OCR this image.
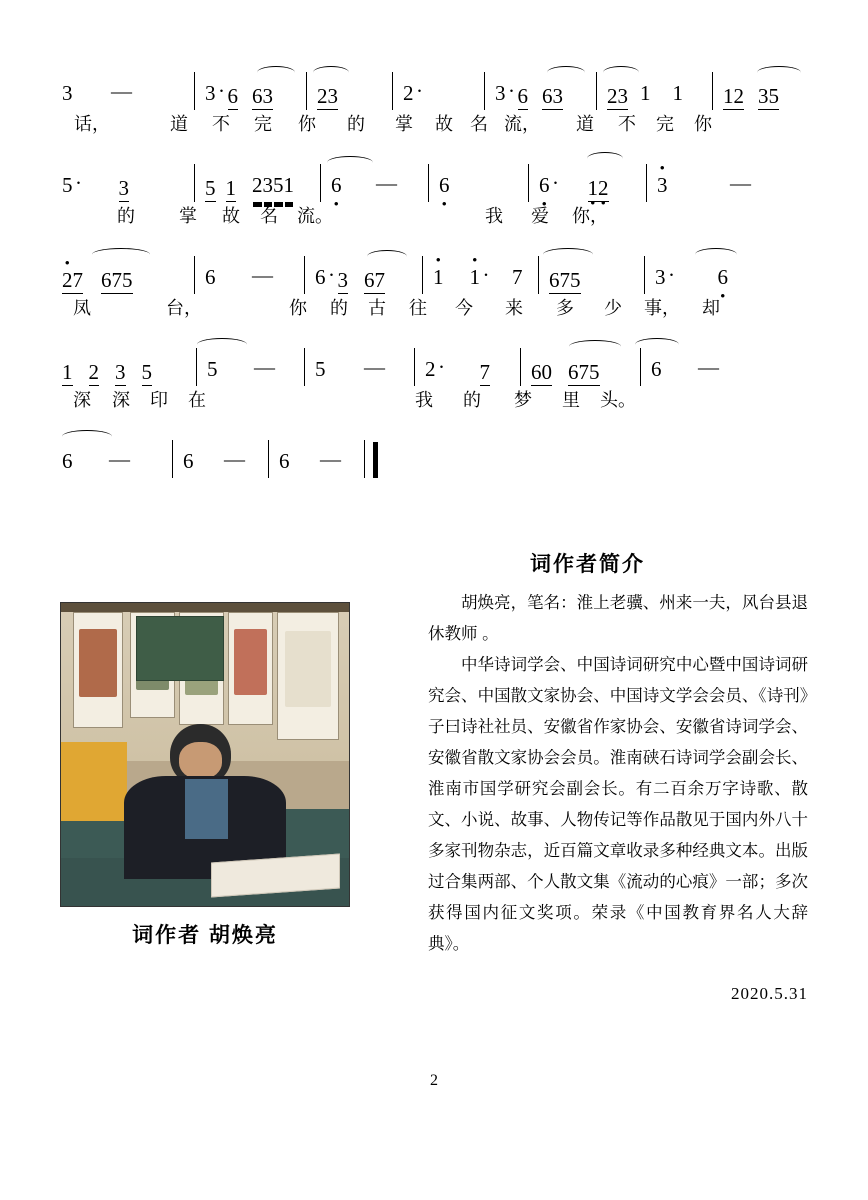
3 —	3 · 6 6 3 2 3	2 ·	3 · 6 6 3 2 3 1 1 1 2 3 5
话，	道	不	完	你	的	掌	故 名 流，	道	不	完	你
5 · 3	5 1 2 3 5 1 6 • — 6 •	6 • · 1 • 2 • • 3	—
的	掌	故	名	流。	我	爱	你，
• 2 7 6 7 5	6 — 6 · 3 6 7 • 1 • 1 · 7 6 7 5	3 · 6 •
凤	台，	你	的	古	往	今	来	多	少	事，	却
1 2 3 5	5 — 5 — 2 · 7 6 0 6 7 5 6 —
深	深	印	在	我	的	梦	里	头。
6 —	6 — 6 —
词作者简介

胡焕亮，笔名：淮上老骥、州来一夫，风台县退休教师 。

中华诗词学会、中国诗词研究中心暨中国诗词研究会、中国散文家协会、中国诗文学会会员、《诗刊》子曰诗社社员、安徽省作家协会、安徽省诗词学会、安徽省散文家协会会员。淮南硖石诗词学会副会长、淮南市国学研究会副会长。有二百余万字诗歌、散文、小说、故事、人物传记等作品散见于国内外八十多家刊物杂志，近百篇文章收录多种经典文本。出版过合集两部、个人散文集《流动的心痕》一部；多次获得国内征文奖项。荣录《中国教育界名人大辞典》。

2020.5.31
词作者 胡焕亮
2
